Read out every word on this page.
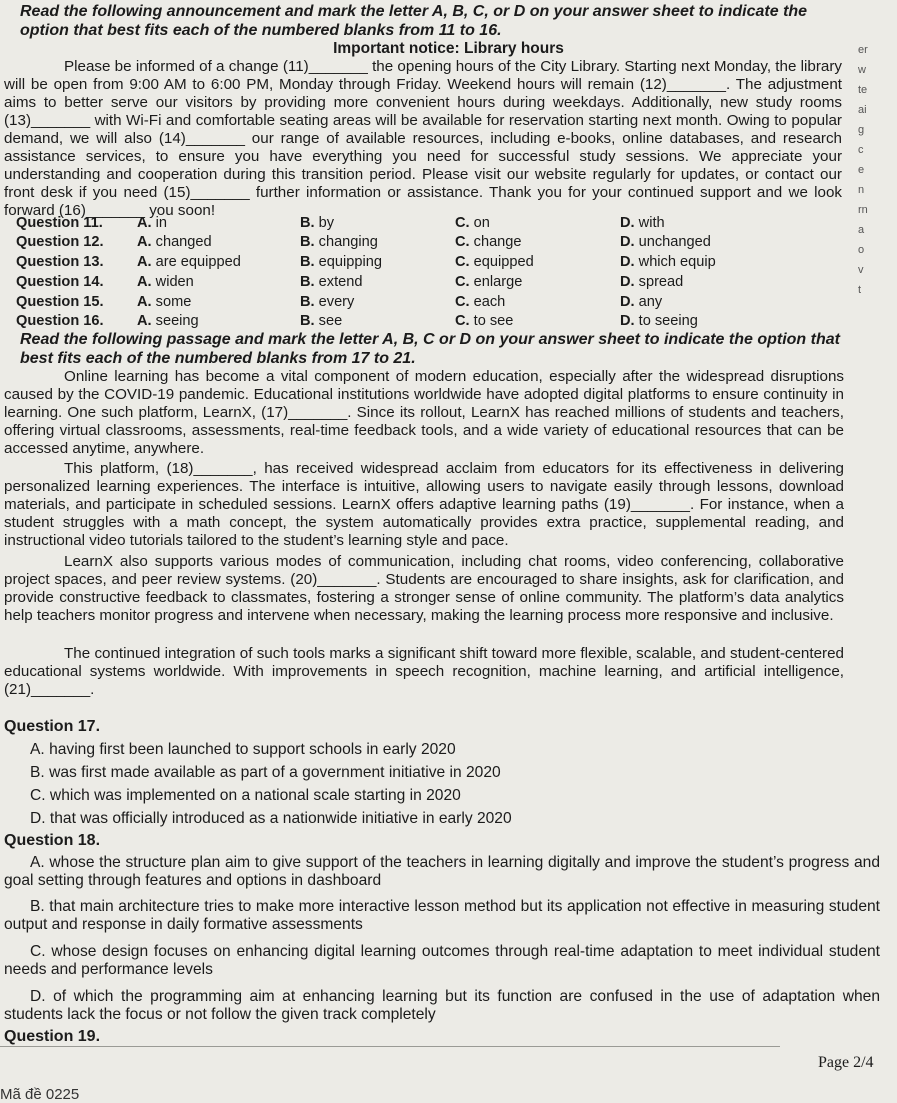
Read the following announcement and mark the letter A, B, C, or D on your answer sheet to indicate the option that best fits each of the numbered blanks from 11 to 16.
Important notice: Library hours
Please be informed of a change (11)_______ the opening hours of the City Library. Starting next Monday, the library will be open from 9:00 AM to 6:00 PM, Monday through Friday. Weekend hours will remain (12)_______. The adjustment aims to better serve our visitors by providing more convenient hours during weekdays. Additionally, new study rooms (13)_______ with Wi-Fi and comfortable seating areas will be available for reservation starting next month. Owing to popular demand, we will also (14)_______ our range of available resources, including e-books, online databases, and research assistance services, to ensure you have everything you need for successful study sessions. We appreciate your understanding and cooperation during this transition period. Please visit our website regularly for updates, or contact our front desk if you need (15)_______ further information or assistance. Thank you for your continued support and we look forward (16)_______ you soon!
Question 11. A. in	B. by	C. on	D. with
Question 12. A. changed	B. changing	C. change	D. unchanged
Question 13. A. are equipped	B. equipping	C. equipped	D. which equip
Question 14. A. widen	B. extend	C. enlarge	D. spread
Question 15. A. some	B. every	C. each	D. any
Question 16. A. seeing	B. see	C. to see	D. to seeing
Read the following passage and mark the letter A, B, C or D on your answer sheet to indicate the option that best fits each of the numbered blanks from 17 to 21.
Online learning has become a vital component of modern education, especially after the widespread disruptions caused by the COVID-19 pandemic. Educational institutions worldwide have adopted digital platforms to ensure continuity in learning. One such platform, LearnX, (17)_______. Since its rollout, LearnX has reached millions of students and teachers, offering virtual classrooms, assessments, real-time feedback tools, and a wide variety of educational resources that can be accessed anytime, anywhere.
This platform, (18)_______, has received widespread acclaim from educators for its effectiveness in delivering personalized learning experiences. The interface is intuitive, allowing users to navigate easily through lessons, download materials, and participate in scheduled sessions. LearnX offers adaptive learning paths (19)_______. For instance, when a student struggles with a math concept, the system automatically provides extra practice, supplemental reading, and instructional video tutorials tailored to the student’s learning style and pace.
LearnX also supports various modes of communication, including chat rooms, video conferencing, collaborative project spaces, and peer review systems. (20)_______. Students are encouraged to share insights, ask for clarification, and provide constructive feedback to classmates, fostering a stronger sense of online community. The platform’s data analytics help teachers monitor progress and intervene when necessary, making the learning process more responsive and inclusive.
The continued integration of such tools marks a significant shift toward more flexible, scalable, and student-centered educational systems worldwide. With improvements in speech recognition, machine learning, and artificial intelligence, (21)_______.
Question 17.
A. having first been launched to support schools in early 2020
B. was first made available as part of a government initiative in 2020
C. which was implemented on a national scale starting in 2020
D. that was officially introduced as a nationwide initiative in early 2020
Question 18.
A. whose the structure plan aim to give support of the teachers in learning digitally and improve the student’s progress and goal setting through features and options in dashboard
B. that main architecture tries to make more interactive lesson method but its application not effective in measuring student output and response in daily formative assessments
C. whose design focuses on enhancing digital learning outcomes through real-time adaptation to meet individual student needs and performance levels
D. of which the programming aim at enhancing learning but its function are confused in the use of adaptation when students lack the focus or not follow the given track completely
Question 19.
er
w
te
ai
g
c
e
n
rn
a
o
v
t
Page 2/4
Mã đề 0225
